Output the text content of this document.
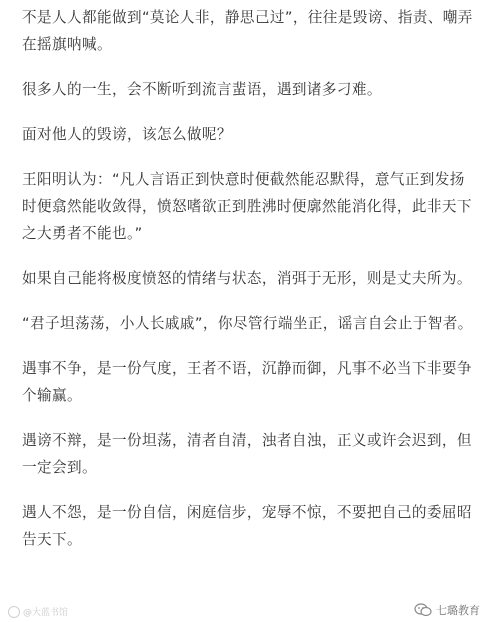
不是人人都能做到“莫论人非，静思己过”，往往是毁谤、指责、嘲弄在摇旗呐喊。

很多人的一生，会不断听到流言蜚语，遇到诸多刁难。

面对他人的毁谤，该怎么做呢？

王阳明认为：“凡人言语正到快意时便截然能忍默得，意气正到发扬时便翕然能收敛得，愤怒嗜欲正到胜沸时便廓然能消化得，此非天下之大勇者不能也。”

如果自己能将极度愤怒的情绪与状态，消弭于无形，则是丈夫所为。

“君子坦荡荡，小人长戚戚”，你尽管行端坐正，谣言自会止于智者。

遇事不争，是一份气度，王者不语，沉静而御，凡事不必当下非要争个输赢。

遇谤不辩，是一份坦荡，清者自清，浊者自浊，正义或许会迟到，但一定会到。

遇人不怨，是一份自信，闲庭信步，宠辱不惊，不要把自己的委屈昭告天下。

@大蓝书馆	七璐教育
